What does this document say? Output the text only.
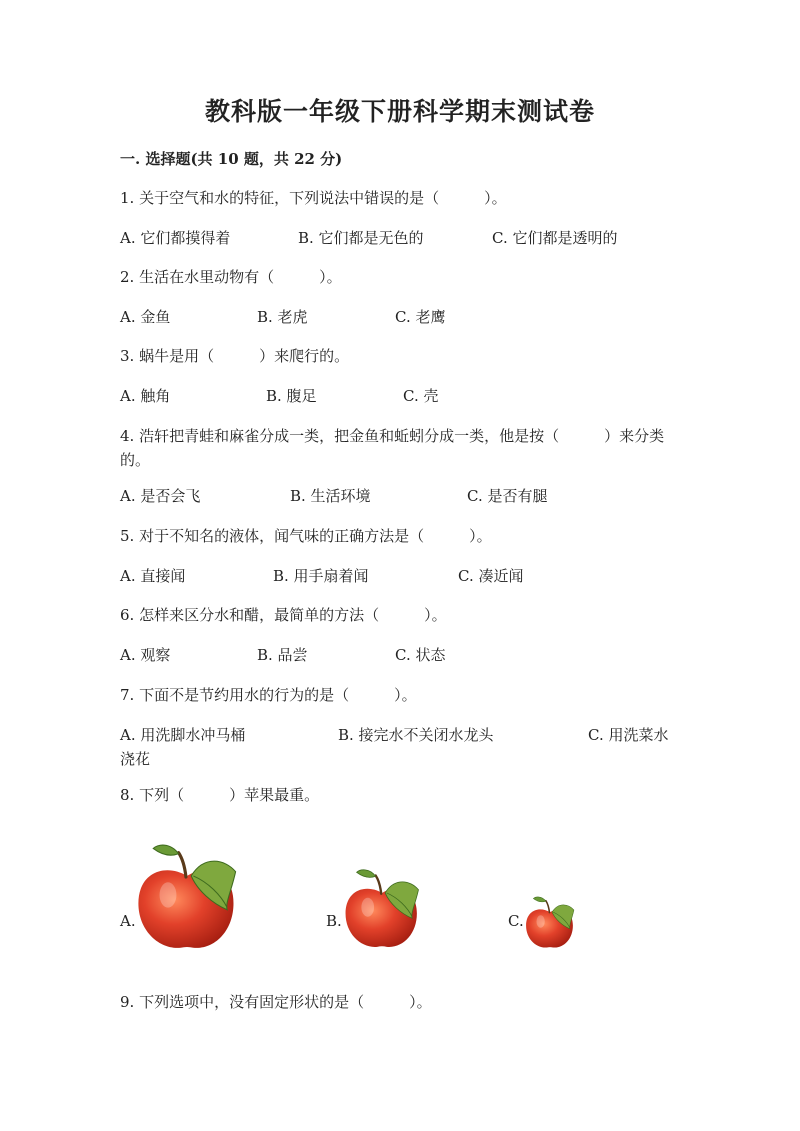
教科版一年级下册科学期末测试卷
一. 选择题(共 10 题，共 22 分)
1. 关于空气和水的特征，下列说法中错误的是（　　　）。
A. 它们都摸得着	B. 它们都是无色的	C. 它们都是透明的
2. 生活在水里动物有（　　　）。
A. 金鱼	B. 老虎	C. 老鹰
3. 蜗牛是用（　　　）来爬行的。
A. 触角	B. 腹足	C. 壳
4. 浩轩把青蛙和麻雀分成一类，把金鱼和蚯蚓分成一类，他是按（　　　）来分类的。
A. 是否会飞	B. 生活环境	C. 是否有腿
5. 对于不知名的液体，闻气味的正确方法是（　　　）。
A. 直接闻	B. 用手扇着闻	C. 凑近闻
6. 怎样来区分水和醋，最简单的方法（　　　）。
A. 观察	B. 品尝	C. 状态
7. 下面不是节约用水的行为的是（　　　）。
A. 用洗脚水冲马桶	B. 接完水不关闭水龙头	C. 用洗菜水
浇花
8. 下列（　　　）苹果最重。
A.	B.	C.
9. 下列选项中，没有固定形状的是（　　　）。
